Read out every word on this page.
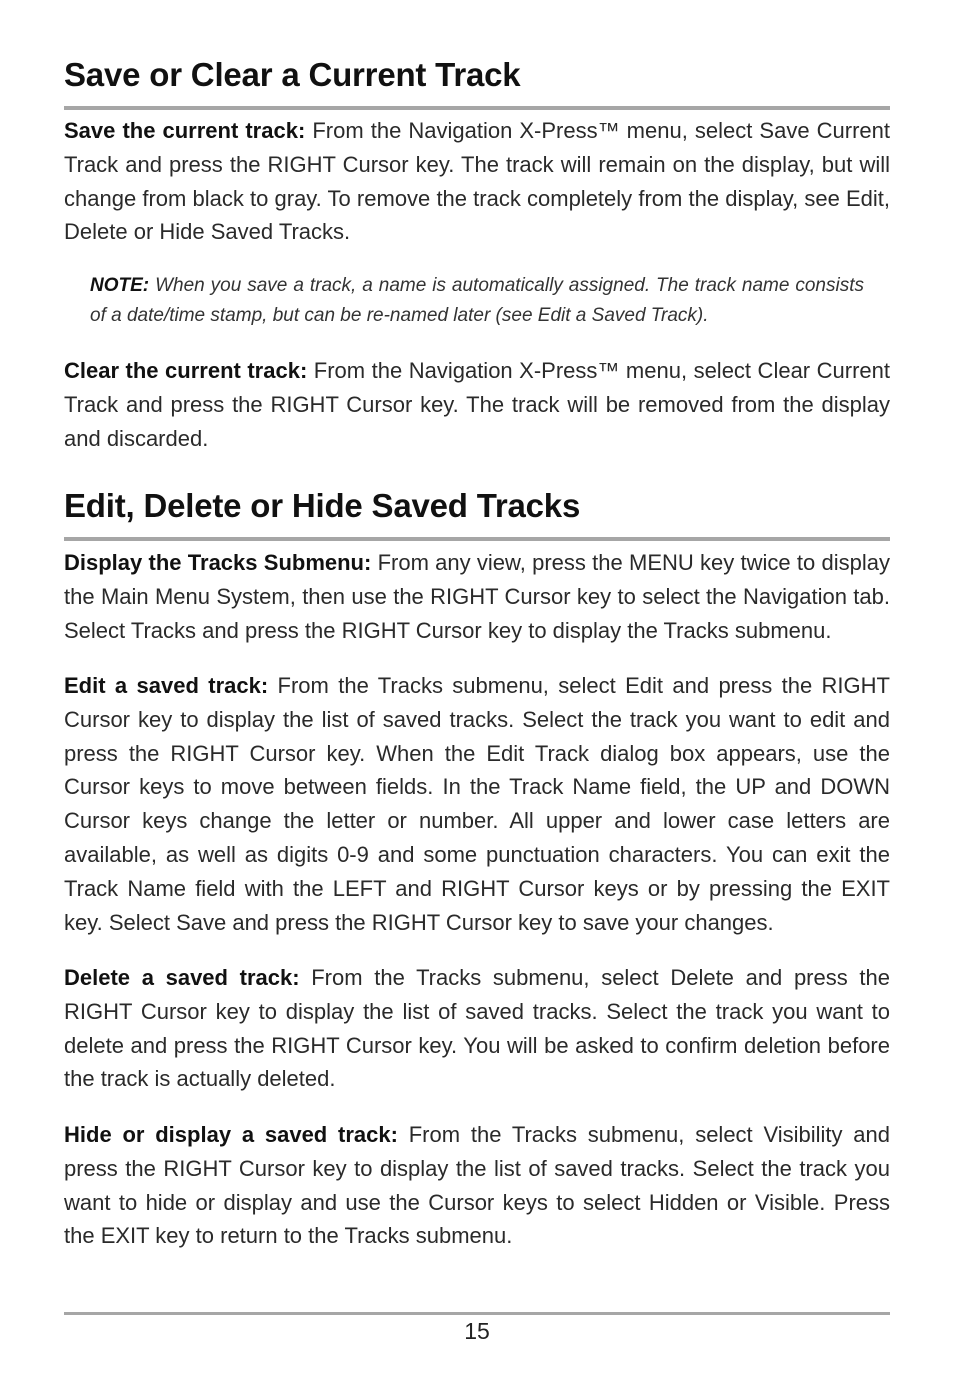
Save or Clear a Current Track

Save the current track: From the Navigation X-Press™ menu, select Save Current Track and press the RIGHT Cursor key. The track will remain on the display, but will change from black to gray. To remove the track completely from the display, see Edit, Delete or Hide Saved Tracks.

NOTE: When you save a track, a name is automatically assigned. The track name consists of a date/time stamp, but can be re-named later (see Edit a Saved Track).

Clear the current track: From the Navigation X-Press™ menu, select Clear Current Track and press the RIGHT Cursor key. The track will be removed from the display and discarded.

Edit, Delete or Hide Saved Tracks

Display the Tracks Submenu: From any view, press the MENU key twice to display the Main Menu System, then use the RIGHT Cursor key to select the Navigation tab. Select Tracks and press the RIGHT Cursor key to display the Tracks submenu.

Edit a saved track: From the Tracks submenu, select Edit and press the RIGHT Cursor key to display the list of saved tracks. Select the track you want to edit and press the RIGHT Cursor key. When the Edit Track dialog box appears, use the Cursor keys to move between fields. In the Track Name field, the UP and DOWN Cursor keys change the letter or number. All upper and lower case letters are available, as well as digits 0-9 and some punctuation characters. You can exit the Track Name field with the LEFT and RIGHT Cursor keys or by pressing the EXIT key. Select Save and press the RIGHT Cursor key to save your changes.

Delete a saved track: From the Tracks submenu, select Delete and press the RIGHT Cursor key to display the list of saved tracks. Select the track you want to delete and press the RIGHT Cursor key. You will be asked to confirm deletion before the track is actually deleted.

Hide or display a saved track: From the Tracks submenu, select Visibility and press the RIGHT Cursor key to display the list of saved tracks. Select the track you want to hide or display and use the Cursor keys to select Hidden or Visible. Press the EXIT key to return to the Tracks submenu.

15
